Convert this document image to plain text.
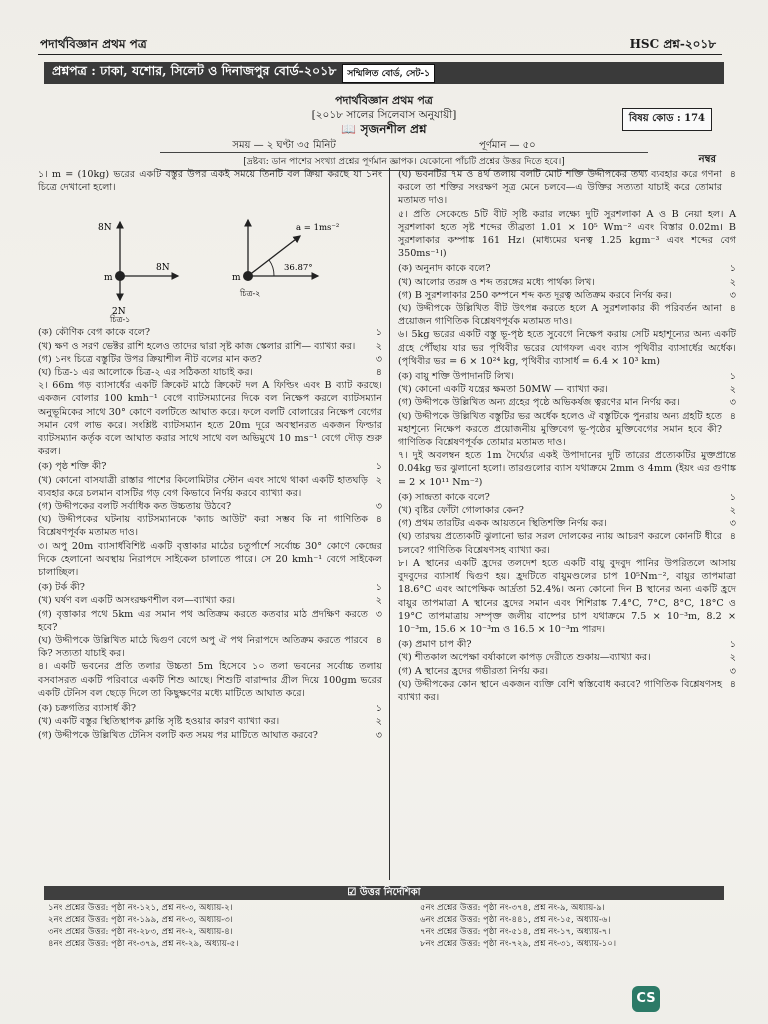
পদার্থবিজ্ঞান প্রথম পত্র	HSC প্রশ্ন-২০১৮
প্রশ্নপত্র : ঢাকা, যশোর, সিলেট ও দিনাজপুর বোর্ড-২০১৮	সম্মিলিত বোর্ড, সেট-১
পদার্থবিজ্ঞান প্রথম পত্র
[২০১৮ সালের সিলেবাস অনুযায়ী]
📖 সৃজনশীল প্রশ্ন
বিষয় কোড : 174
সময় — ২ ঘণ্টা ৩৫ মিনিট	পূর্ণমান — ৫০
[দ্রষ্টব্য: ডান পাশের সংখ্যা প্রশ্নের পূর্ণমান জ্ঞাপক। যেকোনো পাঁচটি প্রশ্নের উত্তর দিতে হবে।]	নম্বর

১। m = (10kg) ভরের একটি বস্তুর উপর একই সময়ে তিনটি বল ক্রিয়া করছে যা ১নং চিত্রে দেখানো হলো।

8N
8N
2N
m
চিত্র-১
m
a = 1ms⁻²
36.87°
চিত্র-২
(ক) কৌণিক বেগ কাকে বলে?	১
(খ) ক্ষণ ও সরণ ভেক্টর রাশি হলেও তাদের দ্বারা সৃষ্ট কাজ স্কেলার রাশি— ব্যাখ্যা কর।	২
(গ) ১নং চিত্রে বস্তুটির উপর ক্রিয়াশীল নীট বলের মান কত?	৩
(ঘ) চিত্র-১ এর আলোকে চিত্র-২ এর সঠিকতা যাচাই কর।	৪

২। 66m গড় ব্যাসার্ধের একটি ক্রিকেট মাঠে ক্রিকেট দল A ফিল্ডিং এবং B ব্যাট করছে। একজন বোলার 100 kmh⁻¹ বেগে ব্যাটসম্যানের দিকে বল নিক্ষেপ করলে ব্যাটসম্যান অনুভূমিকের সাথে 30° কোণে বলটিতে আঘাত করে। ফলে বলটি বোলারের নিক্ষেপ বেগের সমান বেগ লাভ করে। সংশ্লিষ্ট ব্যাটসম্যান হতে 20m দূরে অবস্থানরত একজন ফিল্ডার ব্যাটসম্যান কর্তৃক বলে আঘাত করার সাথে সাথে বল অভিমুখে 10 ms⁻¹ বেগে দৌড় শুরু করল।

(ক) পৃষ্ঠ শক্তি কী?	১
(খ) কোনো বাসযাত্রী রাস্তার পাশের কিলোমিটার স্টোন এবং সাথে থাকা একটি হাতঘড়ি ব্যবহার করে চলমান বাসটির গড় বেগ কিভাবে নির্ণয় করবে ব্যাখ্যা কর।
২
(গ) উদ্দীপকের বলটি সর্বাধিক কত উচ্চতায় উঠবে?	৩
(ঘ) উদ্দীপকের ঘটনায় ব্যাটসম্যানকে 'ক্যাচ আউট' করা সম্ভব কি না গাণিতিক বিশ্লেষণপূর্বক মতামত দাও।
৪

৩। অপু 20m ব্যাসার্ধবিশিষ্ট একটি বৃত্তাকার মাঠের চতুর্পার্শে সর্বোচ্চ 30° কোণে কেন্দ্রের দিকে হেলানো অবস্থায় নিরাপদে সাইকেল চালাতে পারে। সে 20 kmh⁻¹ বেগে সাইকেল চালাচ্ছিল।

(ক) টর্ক কী?	১
(খ) ঘর্ষণ বল একটি অসংরক্ষণশীল বল—ব্যাখ্যা কর।	২
(গ) বৃত্তাকার পথে 5km এর সমান পথ অতিক্রম করতে কতবার মাঠ প্রদক্ষিণ করতে হবে?
৩
(ঘ) উদ্দীপকে উল্লিখিত মাঠে দ্বিগুণ বেগে অপু ঐ পথ নিরাপদে অতিক্রম করতে পারবে কি? সত্যতা যাচাই কর।
৪

৪। একটি ভবনের প্রতি তলার উচ্চতা 5m হিসেবে ১০ তলা ভবনের সর্বোচ্চ তলায় বসবাসরত একটি পরিবারে একটি শিশু আছে। শিশুটি বারান্দার গ্রীল দিয়ে 100gm ভরের একটি টেনিস বল ছেড়ে দিলে তা কিছুক্ষণের মধ্যে মাটিতে আঘাত করে।

(ক) চক্রগতির ব্যাসার্ধ কী?	১
(খ) একটি বস্তুর স্থিতিস্থাপক ক্লান্তি সৃষ্টি হওয়ার কারণ ব্যাখ্যা কর।	২
(গ) উদ্দীপকে উল্লিখিত টেনিস বলটি কত সময় পর মাটিতে আঘাত করবে?	৩
(ঘ) ভবনটির ৭ম ও ৪র্থ তলায় বলটি মোট শক্তি উদ্দীপকের তথ্য ব্যবহার করে গণনা করলে তা শক্তির সংরক্ষণ সূত্র মেনে চলবে—এ উক্তির সত্যতা যাচাই করে তোমার মতামত দাও।
৪

৫। প্রতি সেকেন্ডে 5টি বীট সৃষ্টি করার লক্ষ্যে দুটি সুরশলাকা A ও B নেয়া হল। A সুরশলাকা হতে সৃষ্ট শব্দের তীব্রতা 1.01 × 10⁵ Wm⁻² এবং বিস্তার 0.02m। B সুরশলাকার কম্পাঙ্ক 161 Hz। (মাধ্যমের ঘনত্ব 1.25 kgm⁻³ এবং শব্দের বেগ 350ms⁻¹।)

(ক) অনুনাদ কাকে বলে?	১
(খ) আলোর তরঙ্গ ও শব্দ তরঙ্গের মধ্যে পার্থক্য লিখ।	২
(গ) B সুরশলাকার 250 কম্পনে শব্দ কত দূরত্ব অতিক্রম করবে নির্ণয় কর।	৩
(ঘ) উদ্দীপকে উল্লিখিত বীট উৎপন্ন করতে হলে A সুরশলাকার কী পরিবর্তন আনা প্রয়োজন গাণিতিক বিশ্লেষণপূর্বক মতামত দাও।
৪

৬। 5kg ভরের একটি বস্তু ভূ-পৃষ্ঠ হতে সুবেগে নিক্ষেপ করায় সেটি মহাশূন্যের অন্য একটি গ্রহে পৌঁছায় যার ভর পৃথিবীর ভরের যোগফল এবং ব্যাস পৃথিবীর ব্যাসার্ধের অর্ধেক। (পৃথিবীর ভর = 6 × 10²⁴ kg, পৃথিবীর ব্যাসার্ধ = 6.4 × 10³ km)

(ক) বায়ু শক্তি উপাদানটি লিখ।	১
(খ) কোনো একটি যন্ত্রের ক্ষমতা 50MW — ব্যাখ্যা কর।	২
(গ) উদ্দীপকে উল্লিখিত অন্য গ্রহের পৃষ্ঠে অভিকর্ষজ ত্বরণের মান নির্ণয় কর।	৩
(ঘ) উদ্দীপকে উল্লিখিত বস্তুটির ভর অর্ধেক হলেও ঐ বস্তুটিকে পুনরায় অন্য গ্রহটি হতে মহাশূন্যে নিক্ষেপ করতে প্রয়োজনীয় মুক্তিবেগ ভূ-পৃষ্ঠের মুক্তিবেগের সমান হবে কী? গাণিতিক বিশ্লেষণপূর্বক তোমার মতামত দাও।
৪

৭। দুই অবলম্বন হতে 1m দৈর্ঘ্যের একই উপাদানের দুটি তারের প্রত্যেকটির মুক্তপ্রান্তে 0.04kg ভর ঝুলানো হলো। তারগুলোর ব্যাস যথাক্রমে 2mm ও 4mm (ইয়ং এর গুণাঙ্ক = 2 × 10¹¹ Nm⁻²)

(ক) সান্দ্রতা কাকে বলে?	১
(খ) বৃষ্টির ফোঁটা গোলাকার কেন?	২
(গ) প্রথম তারটির একক আয়তনে স্থিতিশক্তি নির্ণয় কর।	৩
(ঘ) তারদ্বয় প্রত্যেকটি ঝুলানো ভার সরল দোলকের ন্যায় আচরণ করলে কোনটি ধীরে চলবে? গাণিতিক বিশ্লেষণসহ ব্যাখ্যা কর।
৪

৮। A স্থানের একটি হ্রদের তলদেশ হতে একটি বায়ু বুদবুদ পানির উপরিতলে আসায় বুদবুদের ব্যাসার্ধ দ্বিগুণ হয়। হ্রদটিতে বায়ুমণ্ডলের চাপ 10⁵Nm⁻², বায়ুর তাপমাত্রা 18.6°C এবং আপেক্ষিক আর্দ্রতা 52.4%। অন্য কোনো দিন B স্থানের অন্য একটি হ্রদে বায়ুর তাপমাত্রা A স্থানের হ্রদের সমান এবং শিশিরাঙ্ক 7.4°C, 7°C, 8°C, 18°C ও 19°C তাপমাত্রায় সম্পৃক্ত জলীয় বাষ্পের চাপ যথাক্রমে 7.5 × 10⁻³m, 8.2 × 10⁻³m, 15.6 × 10⁻³m ও 16.5 × 10⁻³m পারদ।

(ক) প্রমাণ চাপ কী?	১
(খ) শীতকাল অপেক্ষা বর্ষাকালে কাপড় দেরীতে শুকায়—ব্যাখ্যা কর।	২
(গ) A স্থানের হ্রদের গভীরতা নির্ণয় কর।	৩
(ঘ) উদ্দীপকের কোন স্থানে একজন ব্যক্তি বেশি স্বস্তিবোধ করবে? গাণিতিক বিশ্লেষণসহ ব্যাখ্যা কর।
৪
☑ উত্তর নির্দেশিকা
১নং প্রশ্নের উত্তর: পৃষ্ঠা নং-১২১, প্রশ্ন নং-৩, অধ্যায়-২।
২নং প্রশ্নের উত্তর: পৃষ্ঠা নং-১৯৯, প্রশ্ন নং-৩, অধ্যায়-৩।
৩নং প্রশ্নের উত্তর: পৃষ্ঠা নং-২৮৩, প্রশ্ন নং-২, অধ্যায়-৪।
৪নং প্রশ্নের উত্তর: পৃষ্ঠা নং-৩৭৯, প্রশ্ন নং-২৯, অধ্যায়-৫।
৫নং প্রশ্নের উত্তর: পৃষ্ঠা নং-৩৭৪, প্রশ্ন নং-৯, অধ্যায়-৯।
৬নং প্রশ্নের উত্তর: পৃষ্ঠা নং-৪৪১, প্রশ্ন নং-১৫, অধ্যায়-৬।
৭নং প্রশ্নের উত্তর: পৃষ্ঠা নং-৫১৪, প্রশ্ন নং-১৭, অধ্যায়-৭।
৮নং প্রশ্নের উত্তর: পৃষ্ঠা নং-৭২৯, প্রশ্ন নং-৩১, অধ্যায়-১০।
CS
